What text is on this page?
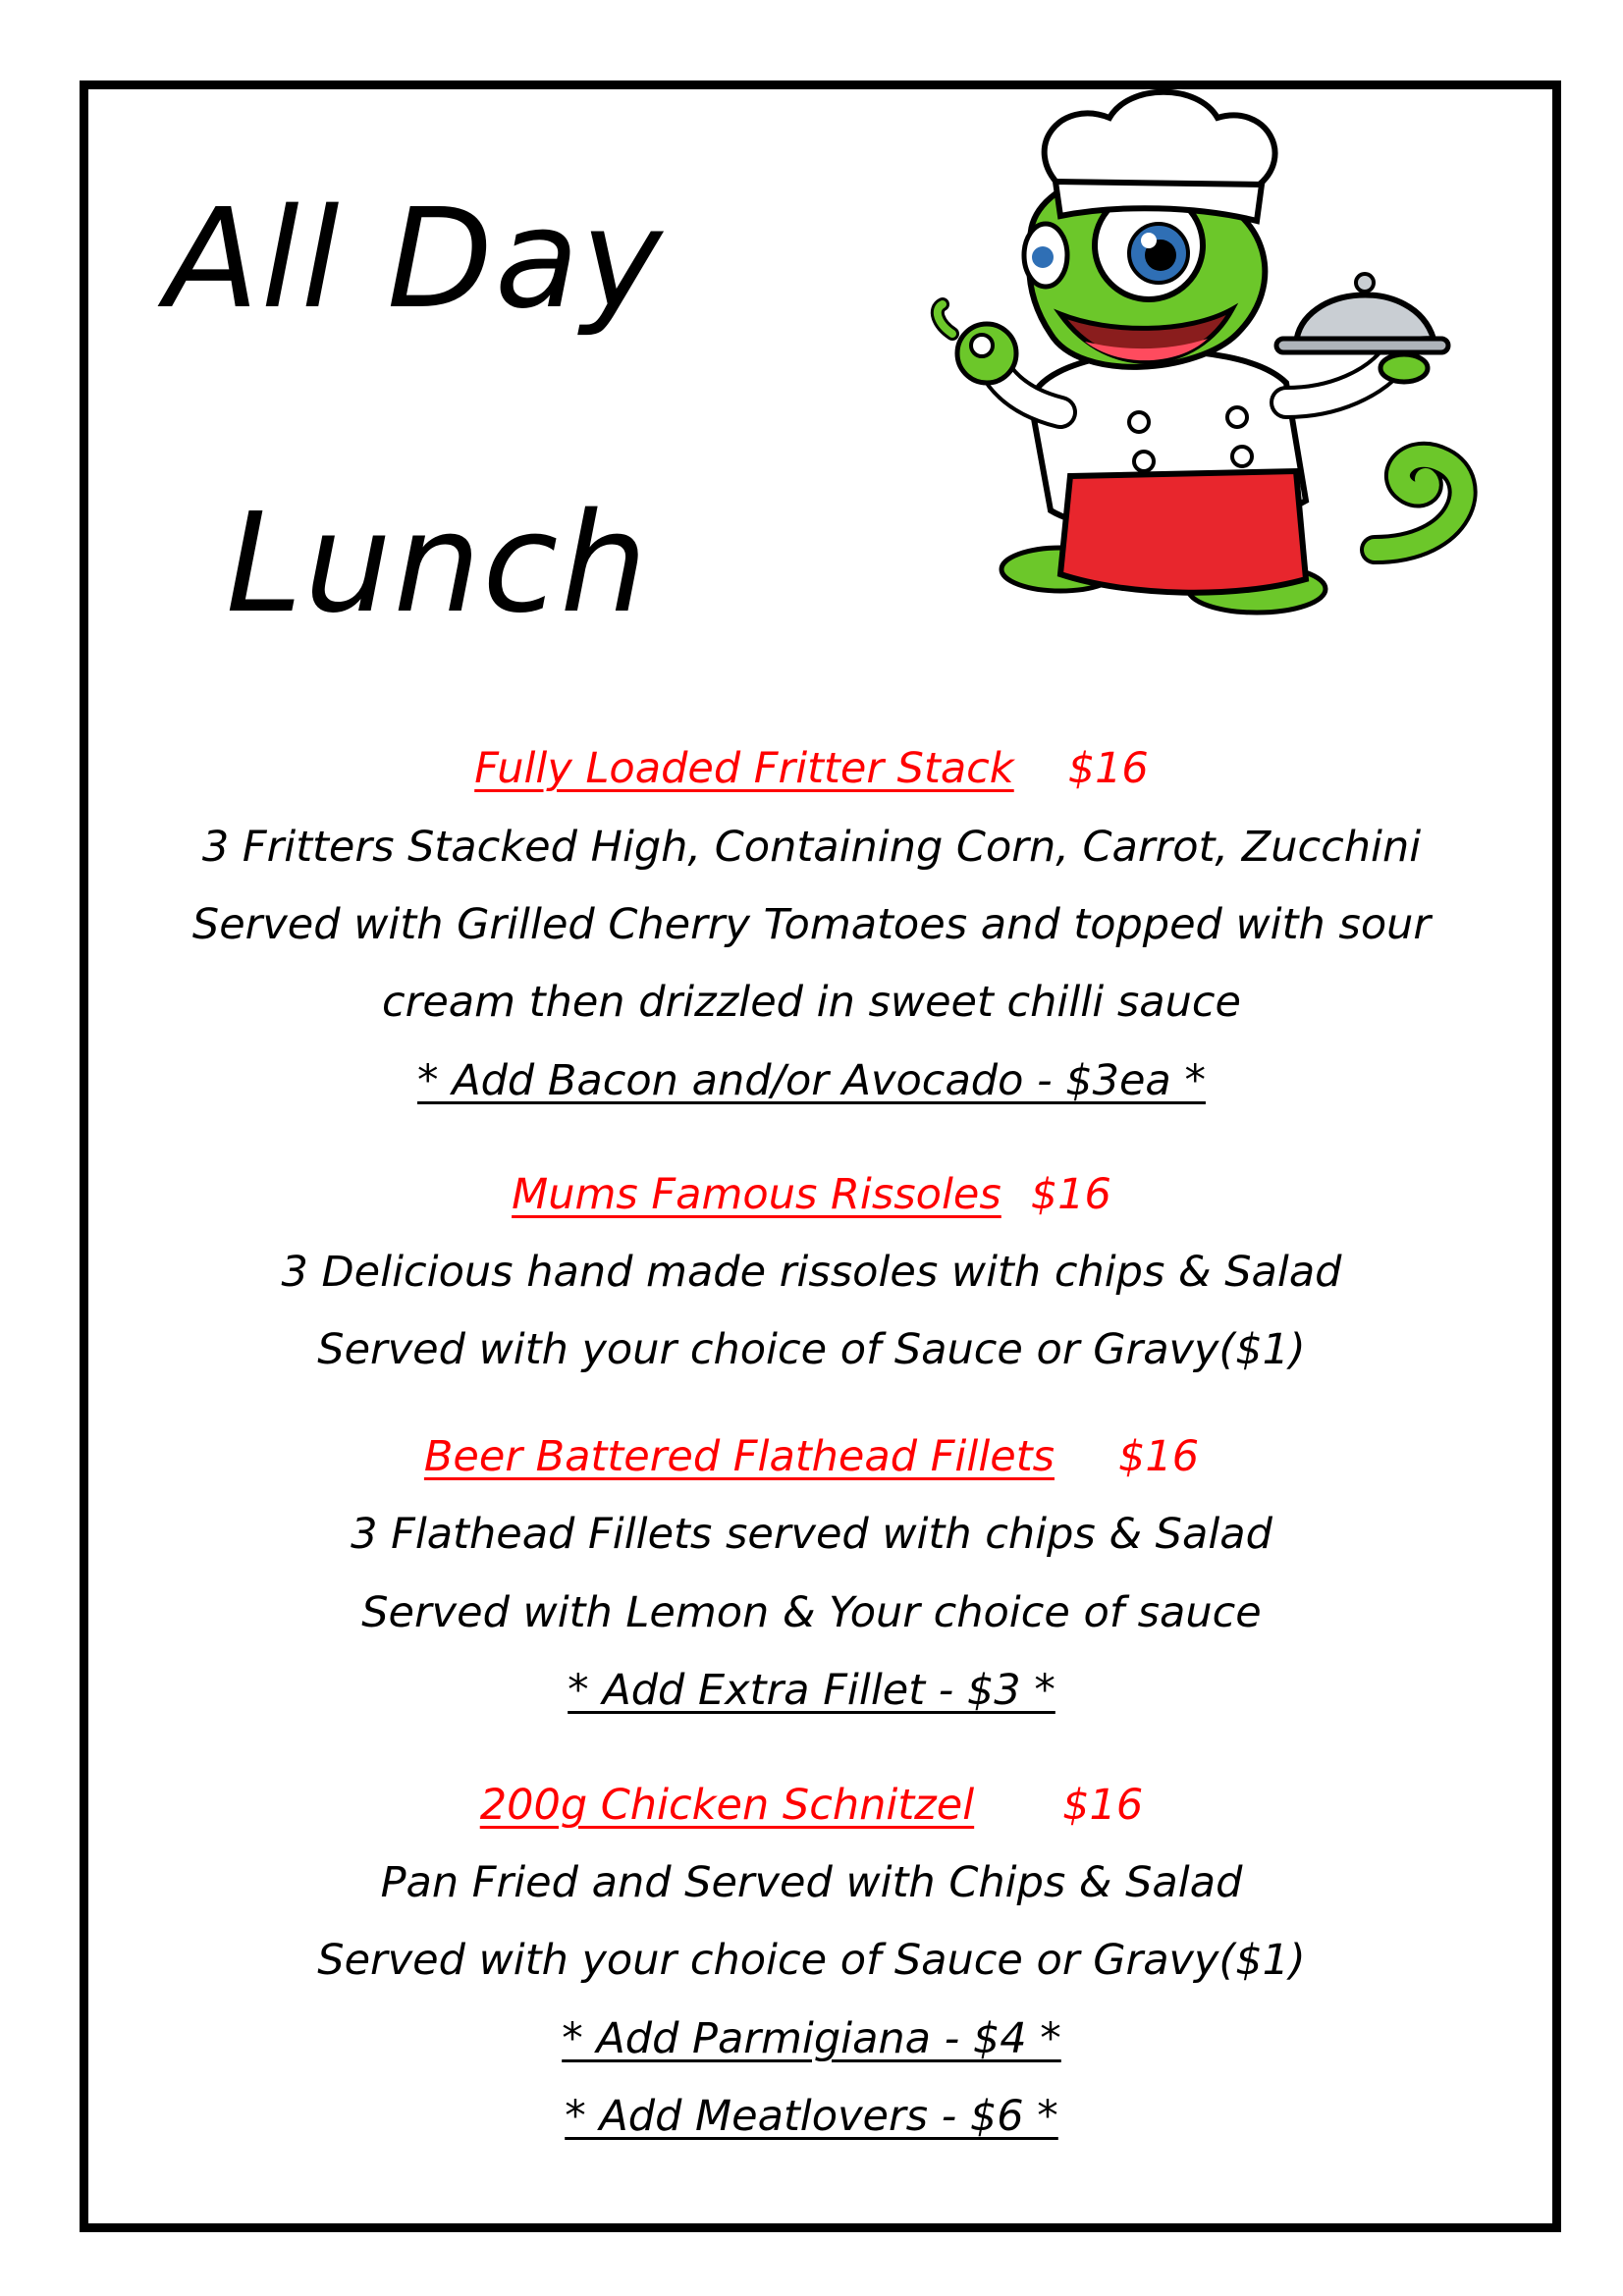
All Day
Lunch

Fully Loaded Fritter Stack $16

3 Fritters Stacked High, Containing Corn, Carrot, Zucchini

Served with Grilled Cherry Tomatoes and topped with sour

cream then drizzled in sweet chilli sauce

* Add Bacon and/or Avocado - $3ea *

Mums Famous Rissoles $16

3 Delicious hand made rissoles with chips & Salad

Served with your choice of Sauce or Gravy($1)

Beer Battered Flathead Fillets $16

3 Flathead Fillets served with chips & Salad

Served with Lemon & Your choice of sauce

* Add Extra Fillet - $3 *

200g Chicken Schnitzel $16

Pan Fried and Served with Chips & Salad

Served with your choice of Sauce or Gravy($1)

* Add Parmigiana - $4 *

* Add Meatlovers - $6 *
